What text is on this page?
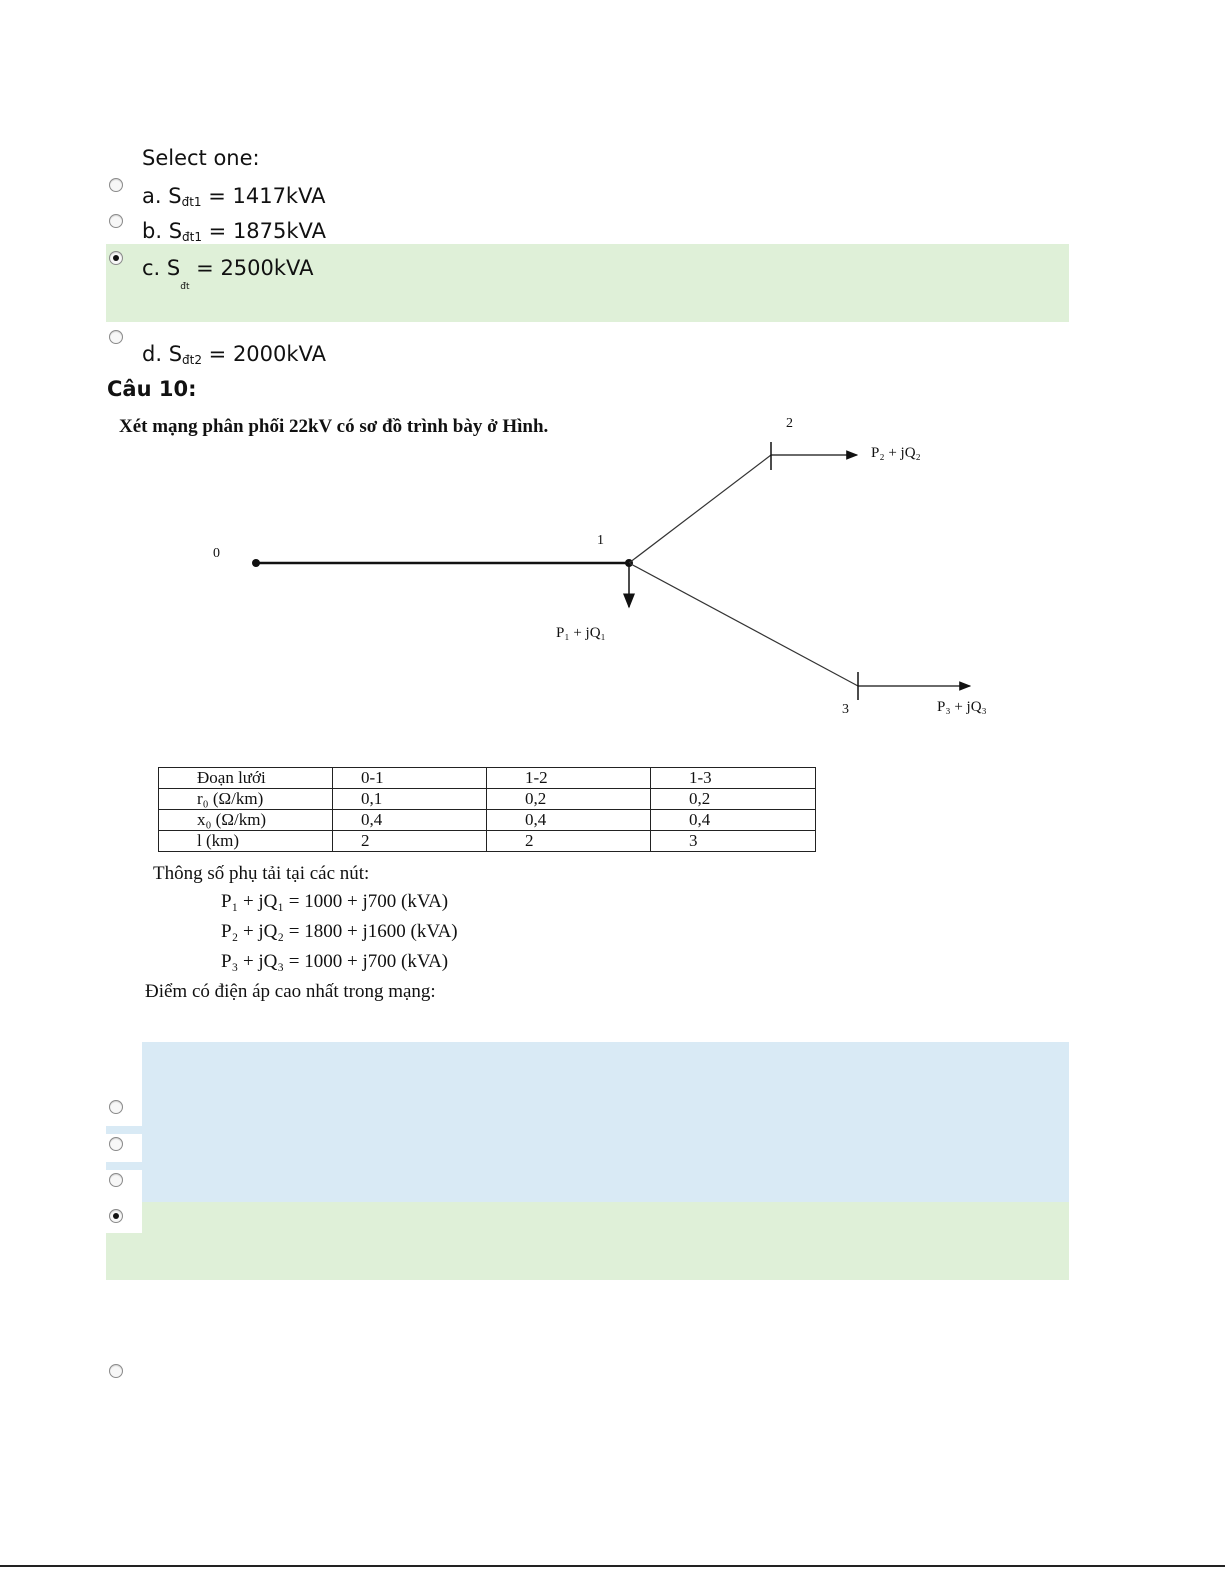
Select one:
a. $S_{đt1} = 1417kVA$
b. $S_{đt1} = 1875kVA$
c. $S_{đt} = 2500kVA$
d. $S_{đt2} = 2000kVA$
Câu 10:
Xét mạng phân phối 22kV có sơ đồ trình bày ở Hình.
0
1
2
3
P₁ + jQ₁
P₂ + jQ₂
P₃ + jQ₃
Đoạn lưới	0-1	1-2	1-3
r₀ (Ω/km)	0,1	0,2	0,2
x₀ (Ω/km)	0,4	0,4	0,4
l (km)	2	2	3
Thông số phụ tải tại các nút:
P₁ + jQ₁ = 1000 + j700 (kVA)
P₂ + jQ₂ = 1800 + j1600 (kVA)
P₃ + jQ₃ = 1000 + j700 (kVA)
Điểm có điện áp cao nhất trong mạng:
